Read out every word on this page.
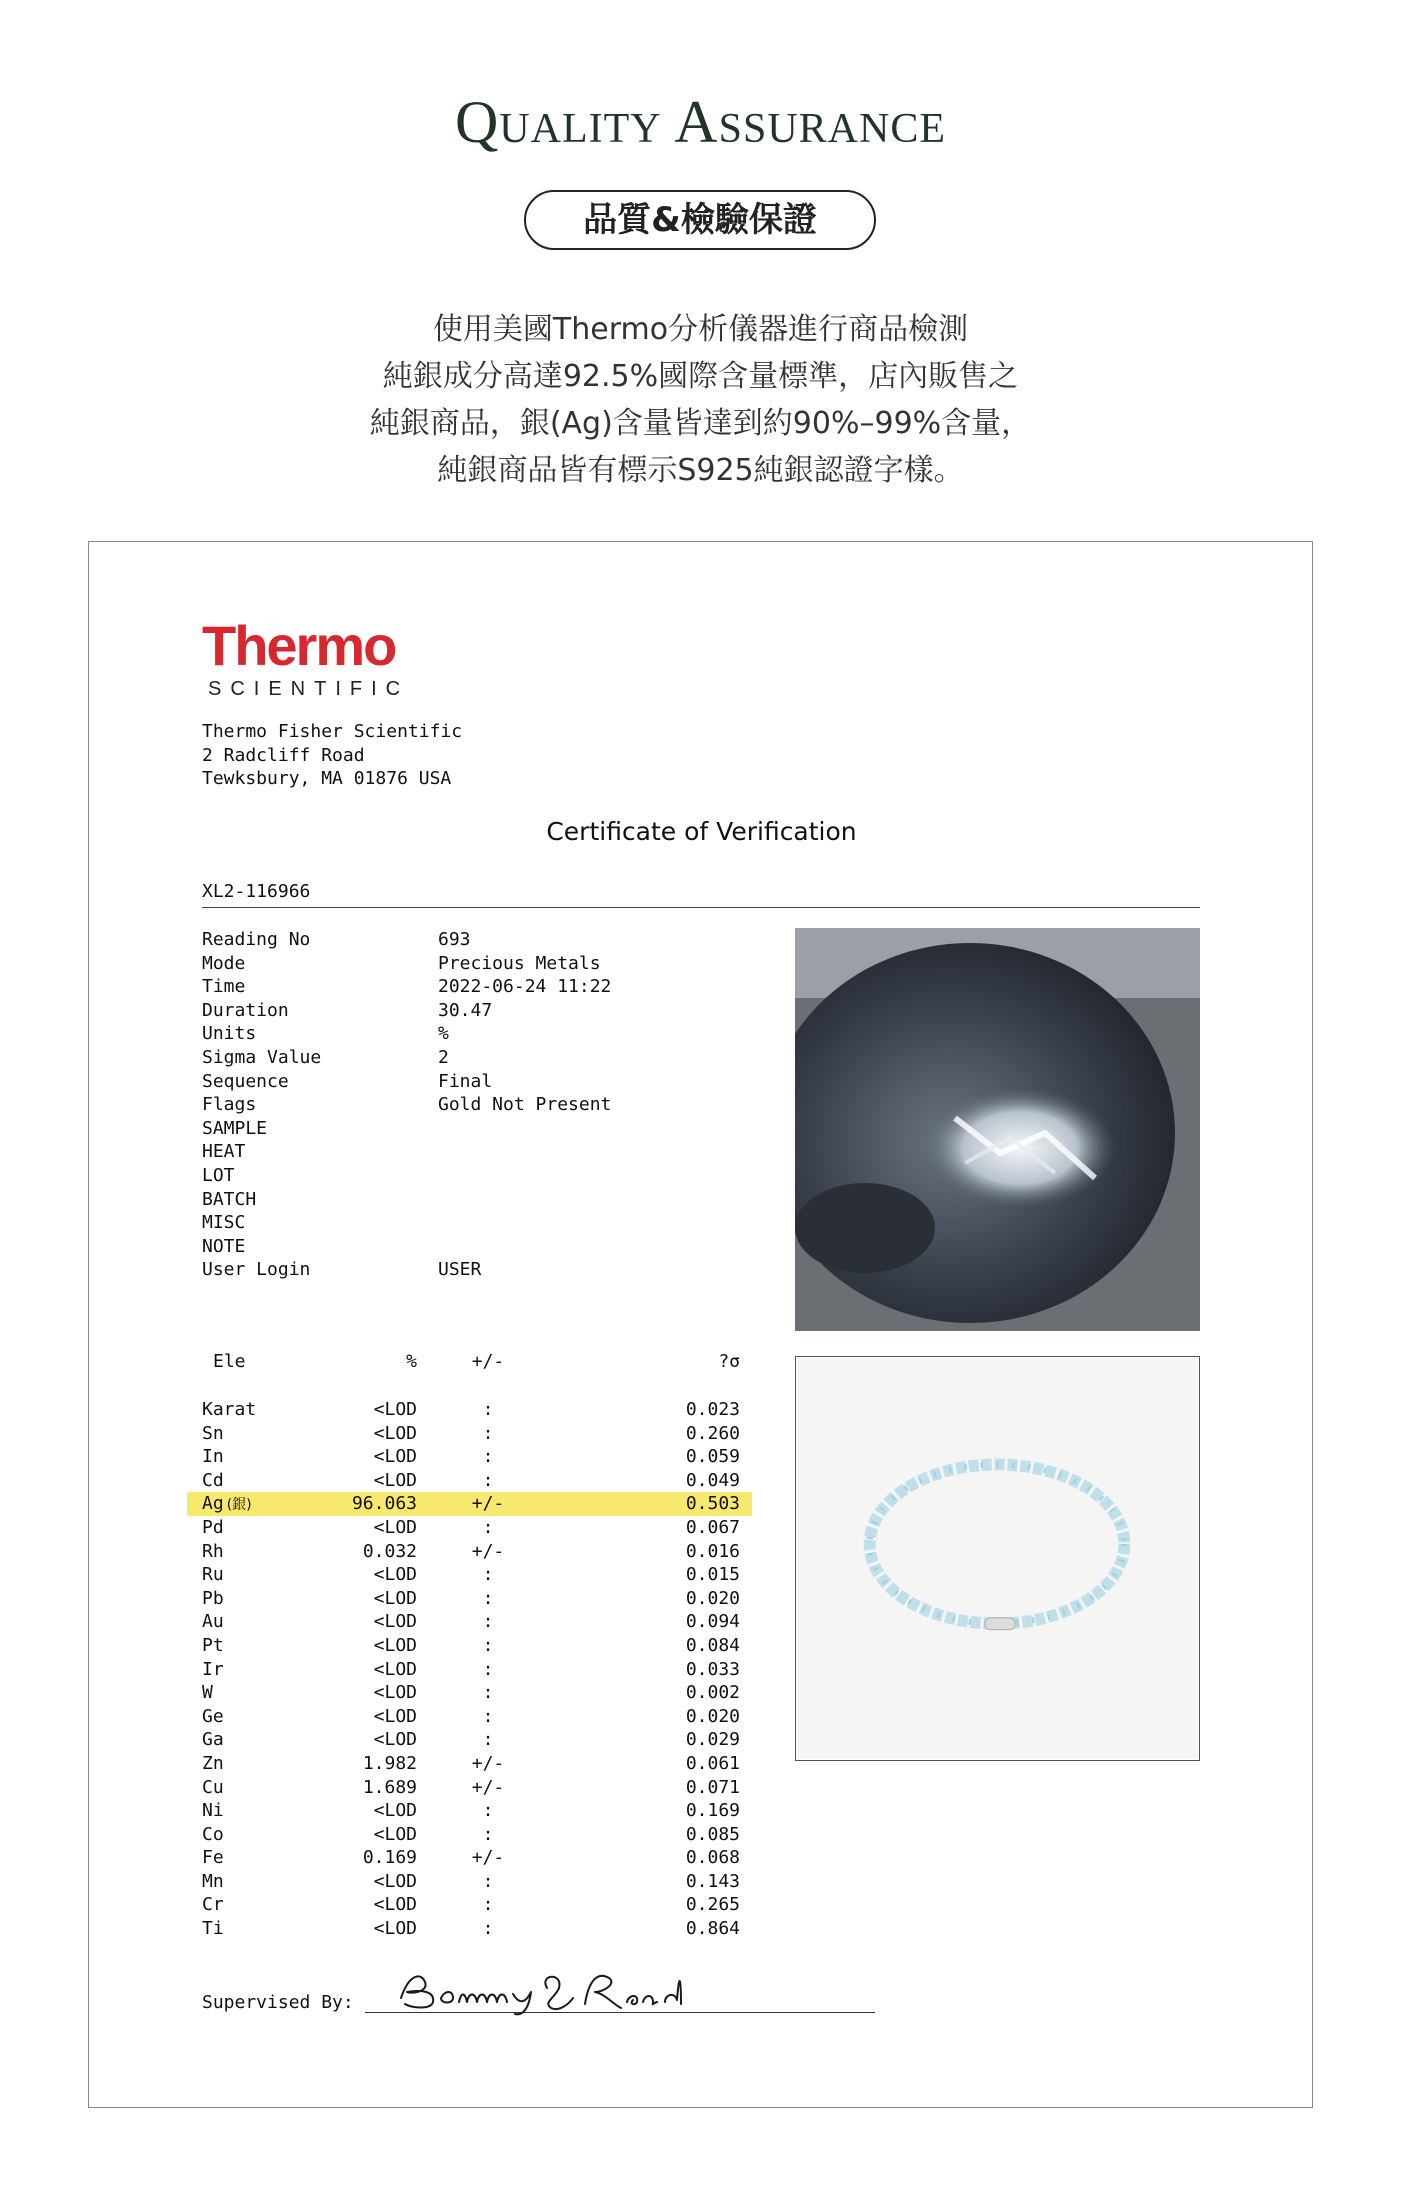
Quality Assurance
品質&檢驗保證
使用美國Thermo分析儀器進行商品檢測
純銀成分高達92.5%國際含量標準，店內販售之
純銀商品，銀(Ag)含量皆達到約90%–99%含量，
純銀商品皆有標示S925純銀認證字樣。
Thermo
SCIENTIFIC
Thermo Fisher Scientific
2 Radcliff Road
Tewksbury, MA 01876 USA
Certificate of Verification
XL2-116966
Reading No	693
Mode	Precious Metals
Time	2022-06-24 11:22
Duration	30.47
Units	%
Sigma Value	2
Sequence	Final
Flags	Gold Not Present
SAMPLE
HEAT
LOT
BATCH
MISC
NOTE
User Login	USER
Ele	%	+/-	?σ
Karat	<LOD	:	0.023
Sn	<LOD	:	0.260
In	<LOD	:	0.059
Cd	<LOD	:	0.049
Ag (銀)	96.063	+/-	0.503
Pd	<LOD	:	0.067
Rh	0.032	+/-	0.016
Ru	<LOD	:	0.015
Pb	<LOD	:	0.020
Au	<LOD	:	0.094
Pt	<LOD	:	0.084
Ir	<LOD	:	0.033
W	<LOD	:	0.002
Ge	<LOD	:	0.020
Ga	<LOD	:	0.029
Zn	1.982	+/-	0.061
Cu	1.689	+/-	0.071
Ni	<LOD	:	0.169
Co	<LOD	:	0.085
Fe	0.169	+/-	0.068
Mn	<LOD	:	0.143
Cr	<LOD	:	0.265
Ti	<LOD	:	0.864
Supervised By:
